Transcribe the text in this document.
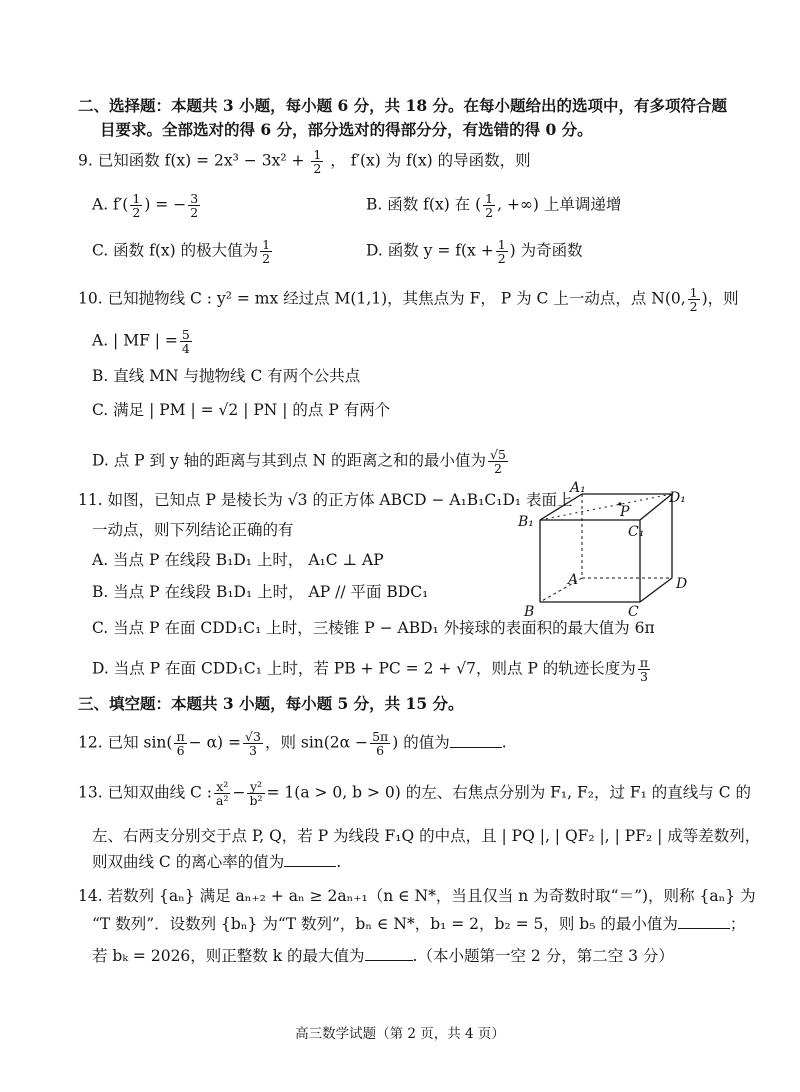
二、选择题：本题共 3 小题，每小题 6 分，共 18 分。在每小题给出的选项中，有多项符合题
目要求。全部选对的得 6 分，部分选对的得部分分，有选错的得 0 分。
9. 已知函数 $f(x) = 2x^3 - 3x^2 + \frac{1}{2}$ ， f′(x) 为 f(x) 的导函数，则
A. $f'( \frac{1}{2}$ ) = − $\frac{3}{2}$	B. 函数 f(x) 在 ( $\frac{1}{2}$ , +∞) 上单调递增
C. 函数 f(x) 的极大值为 $\frac{1}{2}$	D. 函数 $y = f(x + \frac{1}{2}$ ) 为奇函数
10. 已知抛物线 C : y² = mx 经过点 M(1,1)，其焦点为 F， P 为 C 上一动点，点 N(0, $\frac{1}{2}$ )，则
A. | MF | = $\frac{5}{4}$
B. 直线 MN 与抛物线 C 有两个公共点
C. 满足 | PM | = √2 | PN | 的点 P 有两个
D. 点 P 到 y 轴的距离与其到点 N 的距离之和的最小值为 $\frac{√5}{2}$
11. 如图，已知点 P 是棱长为 √3 的正方体 ABCD − A₁B₁C₁D₁ 表面上
一动点，则下列结论正确的有
A. 当点 P 在线段 B₁D₁ 上时， A₁C ⊥ AP
B. 当点 P 在线段 B₁D₁ 上时， AP // 平面 BDC₁
C. 当点 P 在面 CDD₁C₁ 上时，三棱锥 P − ABD₁ 外接球的表面积的最大值为 6π
D. 当点 P 在面 CDD₁C₁ 上时，若 PB + PC = 2 + √7，则点 P 的轨迹长度为 $\frac{\pi}{3}$
A₁
D₁
B₁
P
C₁
A	D
B	C
三、填空题：本题共 3 小题，每小题 5 分，共 15 分。
12. 已知 $\sin( \frac{\pi}{6} - \alpha) = \frac{√3}{3}$ ，则 $\sin(2\alpha - \frac{5\pi}{6}$ ) 的值为	.
13. 已知双曲线 C : $\frac{\text{x²}}{\text{a²}} - \frac{\text{y²}}{\text{b²}} = 1(a > 0$, b > 0) 的左、右焦点分别为 F₁, F₂，过 F₁ 的直线与 C 的
左、右两支分别交于点 P, Q，若 P 为线段 F₁Q 的中点，且 | PQ |, | QF₂ |, | PF₂ | 成等差数列，
则双曲线 C 的离心率的值为	.
14. 若数列 {aₙ} 满足 aₙ₊₂ + aₙ ≥ 2aₙ₊₁（n ∈ N*，当且仅当 n 为奇数时取“＝”)，则称 {aₙ} 为
“T 数列”．设数列 {bₙ} 为“T 数列”，bₙ ∈ N*，b₁ = 2，b₂ = 5，则 b₅ 的最小值为	；
若 bₖ = 2026，则正整数 k 的最大值为	.（本小题第一空 2 分，第二空 3 分）
高三数学试题（第 2 页，共 4 页）
